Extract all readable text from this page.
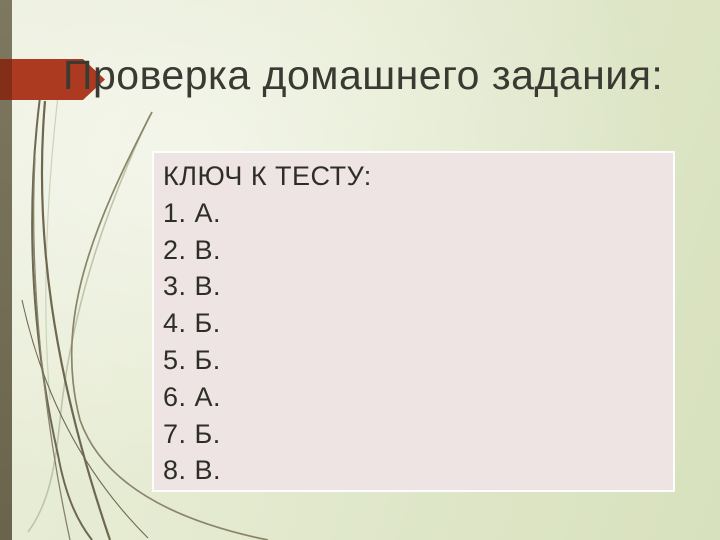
Проверка домашнего задания:
КЛЮЧ К ТЕСТУ:
1. А.
2. В.
3. В.
4. Б.
5. Б.
6. А.
7. Б.
8. В.
